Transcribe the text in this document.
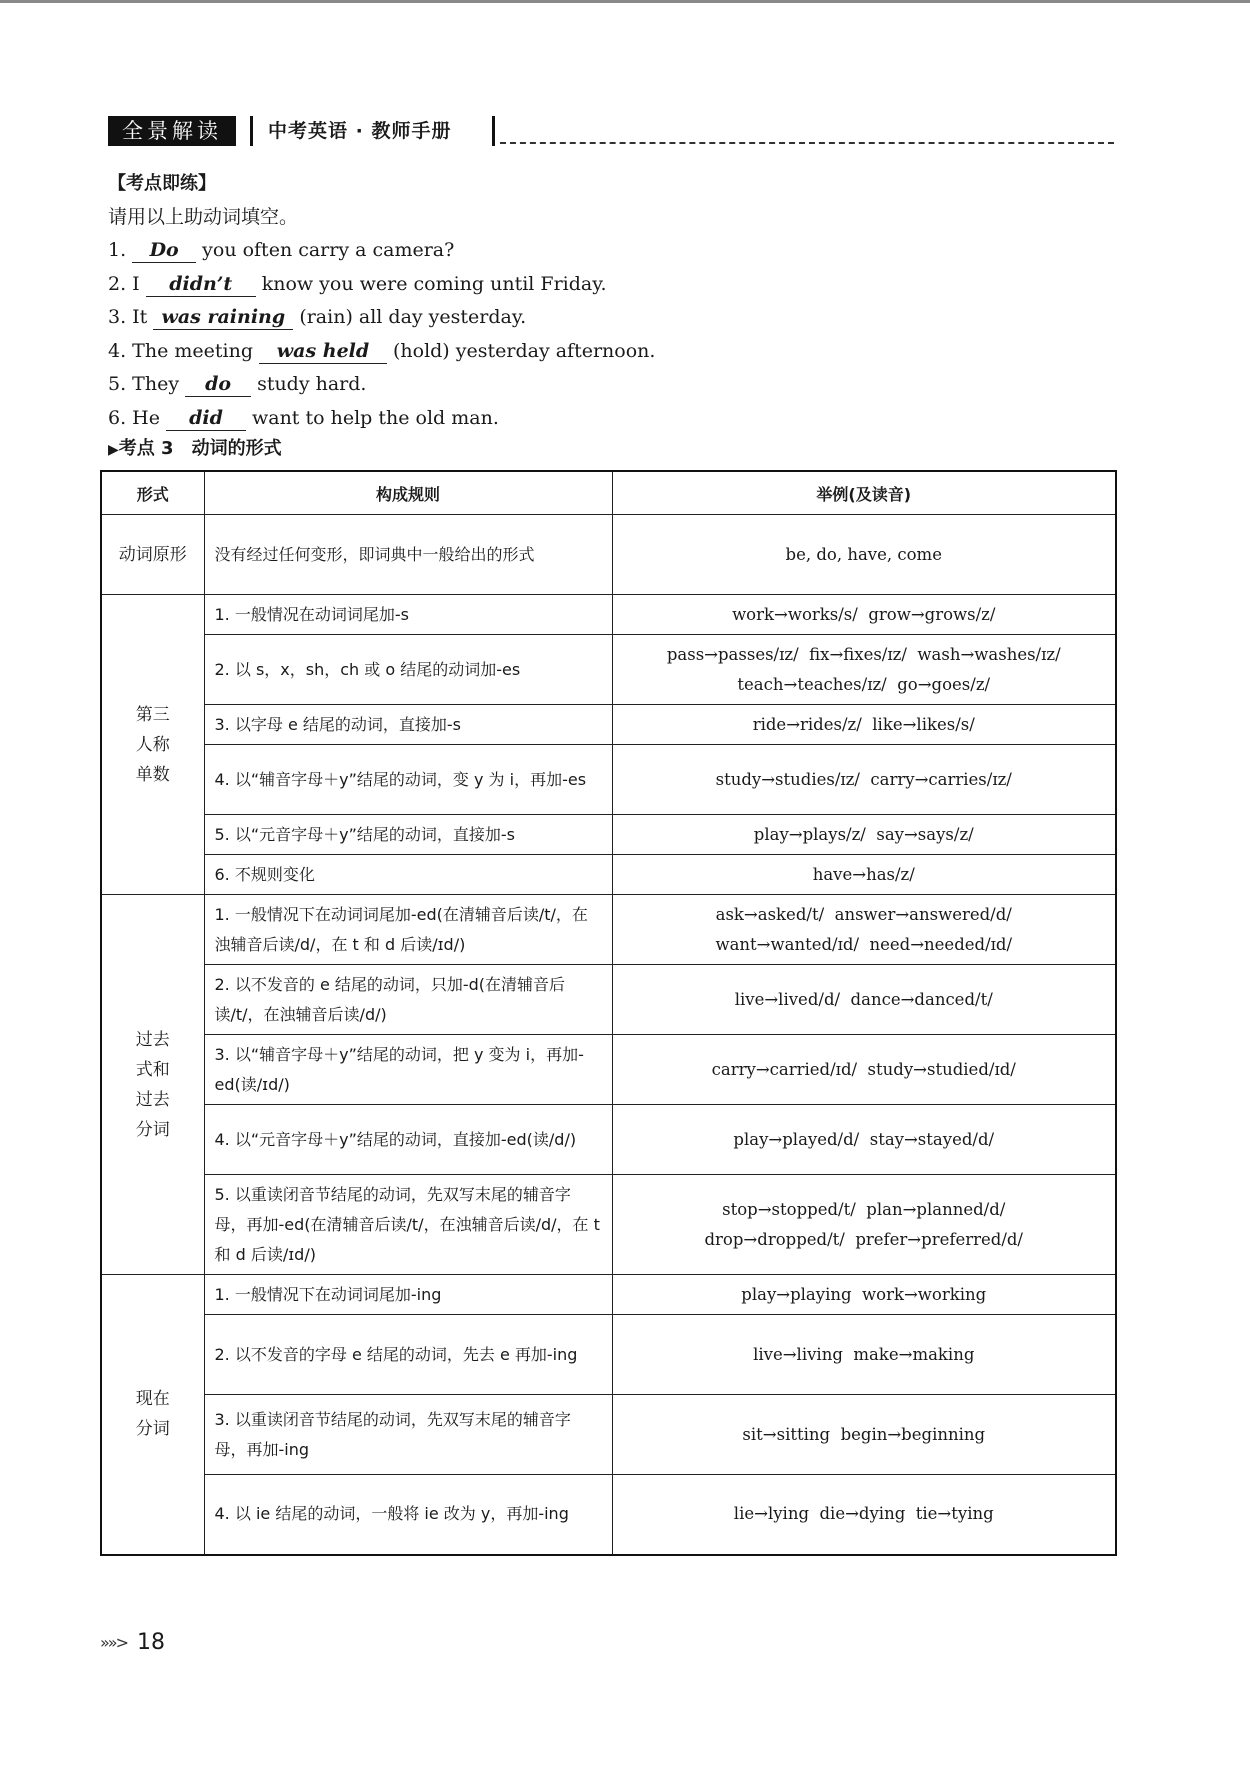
全景解读	中考英语 · 教师手册
【考点即练】
请用以上助动词填空。
1. Do you often carry a camera?
2. I didn’t know you were coming until Friday.
3. It was raining (rain) all day yesterday.
4. The meeting was held (hold) yesterday afternoon.
5. They do study hard.
6. He did want to help the old man.
▶考点 3　动词的形式
形式	构成规则	举例(及读音)
动词原形	没有经过任何变形，即词典中一般给出的形式	be, do, have, come

第三人称单数	1. 一般情况在动词词尾加-s	work→works/s/  grow→grows/z/

	2. 以 s，x，sh，ch 或 o 结尾的动词加-es	pass→passes/ɪz/  fix→fixes/ɪz/  wash→washes/ɪz/
teach→teaches/ɪz/  go→goes/z/

	3. 以字母 e 结尾的动词，直接加-s	ride→rides/z/  like→likes/s/

	4. 以“辅音字母＋y”结尾的动词，变 y 为 i，再加-es	study→studies/ɪz/  carry→carries/ɪz/

	5. 以“元音字母＋y”结尾的动词，直接加-s	play→plays/z/  say→says/z/

	6. 不规则变化	have→has/z/

过去式和过去分词	1. 一般情况下在动词词尾加-ed(在清辅音后读/t/，在浊辅音后读/d/，在 t 和 d 后读/ɪd/)	ask→asked/t/  answer→answered/d/
want→wanted/ɪd/  need→needed/ɪd/

	2. 以不发音的 e 结尾的动词，只加-d(在清辅音后读/t/，在浊辅音后读/d/)	live→lived/d/  dance→danced/t/

	3. 以“辅音字母＋y”结尾的动词，把 y 变为 i，再加-ed(读/ɪd/)	carry→carried/ɪd/  study→studied/ɪd/

	4. 以“元音字母＋y”结尾的动词，直接加-ed(读/d/)	play→played/d/  stay→stayed/d/

	5. 以重读闭音节结尾的动词，先双写末尾的辅音字母，再加-ed(在清辅音后读/t/，在浊辅音后读/d/，在 t 和 d 后读/ɪd/)	stop→stopped/t/  plan→planned/d/
drop→dropped/t/  prefer→preferred/d/

现在分词	1. 一般情况下在动词词尾加-ing	play→playing  work→working

	2. 以不发音的字母 e 结尾的动词，先去 e 再加-ing	live→living  make→making

	3. 以重读闭音节结尾的动词，先双写末尾的辅音字母，再加-ing	sit→sitting  begin→beginning

	4. 以 ie 结尾的动词，一般将 ie 改为 y，再加-ing	lie→lying  die→dying  tie→tying
»»> 18
